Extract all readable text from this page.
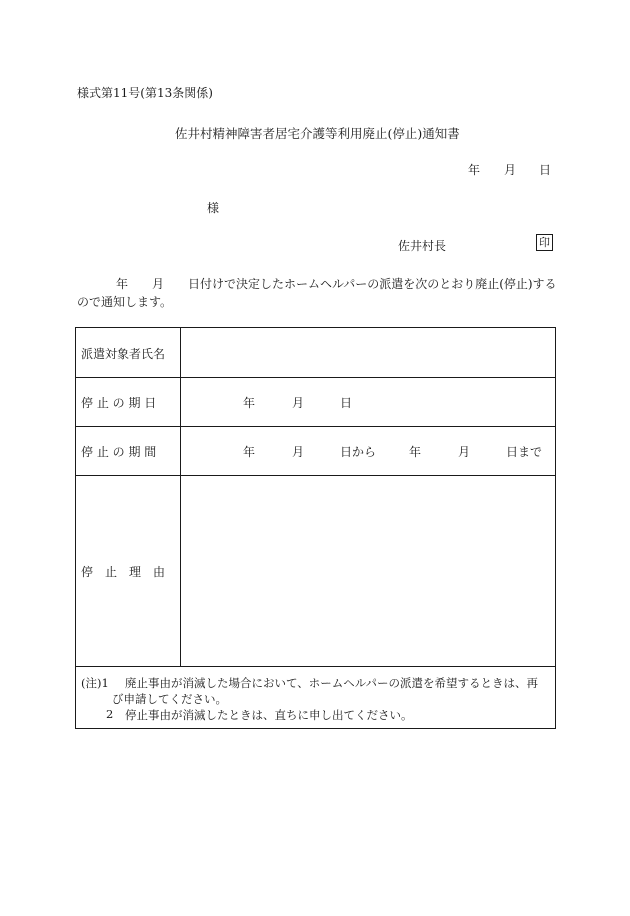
様式第11号(第13条関係)
佐井村精神障害者居宅介護等利用廃止(停止)通知書
年 月 日
様
佐井村長	印
年 月 日付けで決定したホームヘルパーの派遣を次のとおり廃止(停止)する
ので通知します。
派遣対象者氏名
停 止 の 期 日	年	月	日
停 止 の 期 間	年	月	日から	年	月	日まで
停　止　理　由
(注)1 廃止事由が消滅した場合において、ホームヘルパーの派遣を希望するときは、再
び申請してください。
2 停止事由が消滅したときは、直ちに申し出てください。
